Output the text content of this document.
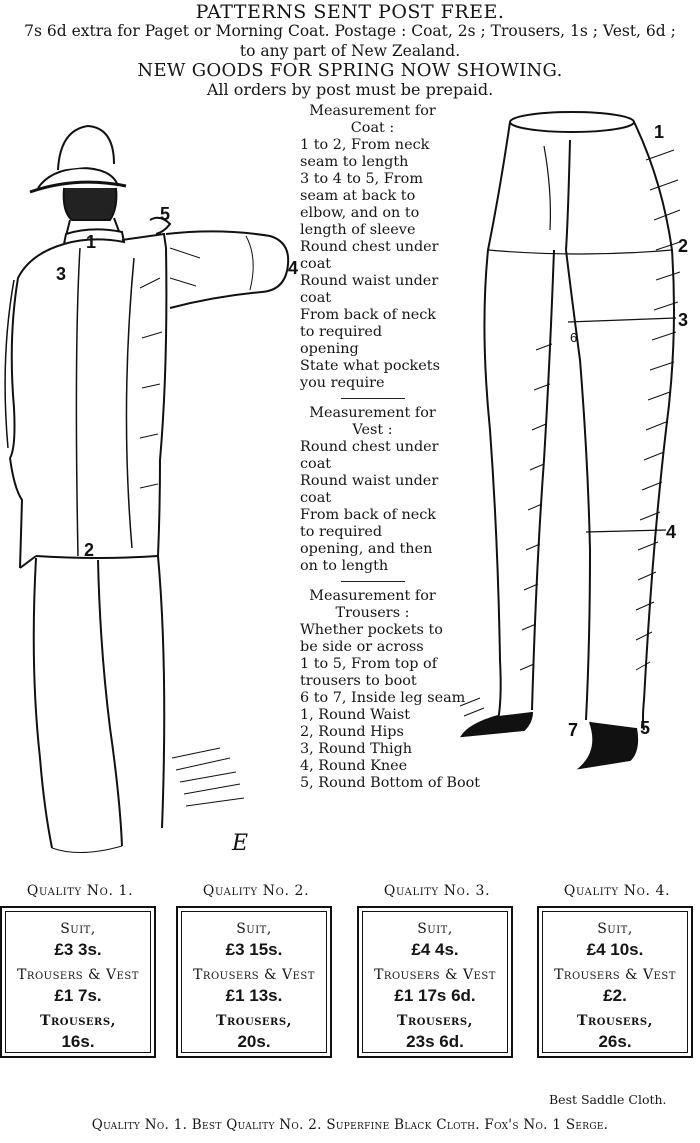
PATTERNS SENT POST FREE.
7s 6d extra for Paget or Morning Coat. Postage : Coat, 2s ; Trousers, 1s ; Vest, 6d ;
to any part of New Zealand.
NEW GOODS FOR SPRING NOW SHOWING.
All orders by post must be prepaid.
5
1
3	4
2
E
Measurement for Coat :
1 to 2, From neck seam to length
3 to 4 to 5, From seam at back to elbow, and on to length of sleeve
Round chest under coat
Round waist under coat
From back of neck to required opening
State what pockets you require
Measurement for Vest :
Round chest under coat
Round waist under coat
From back of neck to required opening, and then on to length
Measurement for Trousers :
Whether pockets to be side or across
1 to 5, From top of trousers to boot
6 to 7, Inside leg seam
1, Round Waist
2, Round Hips
3, Round Thigh
4, Round Knee
5, Round Bottom of Boot
1
2
6
3
4
7	5
Quality No. 1.
Suit,
£3 3s.
Trousers & Vest
£1 7s.
Trousers,
16s.
Quality No. 2.
Suit,
£3 15s.
Trousers & Vest
£1 13s.
Trousers,
20s.
Quality No. 3.
Suit,
£4 4s.
Trousers & Vest
£1 17s 6d.
Trousers,
23s 6d.
Quality No. 4.
Suit,
£4 10s.
Trousers & Vest
£2.
Trousers,
26s.
Best Saddle Cloth.
Quality No. 1. Best Quality No. 2. Superfine Black Cloth. Fox's No. 1 Serge.
